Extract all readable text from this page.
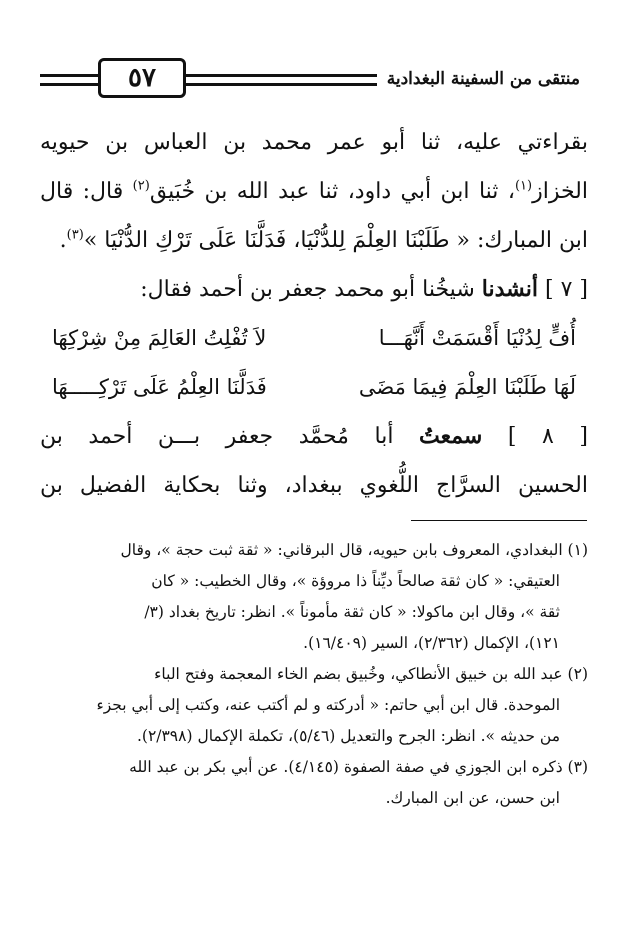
٥٧	منتقى من السفينة البغدادية
بقراءتي عليه، ثنا أبو عمر محمد بن العباس بن حيويه
الخزاز$^{(١)}$، ثنا ابن أبي داود، ثنا عبد الله بن خُبَيق$^{(٢)}$ قال: قال
ابن المبارك: « طَلَبْنَا العِلْمَ لِلدُّنْيَا، فَدَلَّنَا عَلَى تَرْكِ الدُّنْيَا »$^{(٣)}$.
[ ٧ ] أنشدنا شيخُنا أبو محمد جعفر بن أحمد فقال:
أُفٍّ لِدُنْيَا أَقْسَمَتْ أَنَّهَـــا
لاَ تُفْلِتُ العَالِمَ مِنْ شِرْكِهَا
لَهَا طَلَبْنَا العِلْمَ فِيمَا مَضَى
فَدَلَّنَا العِلْمُ عَلَى تَرْكِـــــهَا
[ ٨ ] سمعتُ أبا مُحمَّد جعفر بـــن أحمد بن
الحسين السرَّاج اللُّغوي ببغداد، وثنا بحكاية الفضيل بن
(١) البغدادي، المعروف بابن حيويه، قال البرقاني: « ثقة ثبت حجة »، وقال
العتيقي: « كان ثقة صالحاً ديِّناً ذا مروؤة »، وقال الخطيب: « كان
ثقة »، وقال ابن ماكولا: « كان ثقة مأموناً ». انظر: تاريخ بغداد (٣/
١٢١)، الإكمال (٢/٣٦٢)، السير (١٦/٤٠٩).
(٢) عبد الله بن خبيق الأنطاكي، وخُبيق بضم الخاء المعجمة وفتح الباء
الموحدة. قال ابن أبي حاتم: « أدركته و لم أكتب عنه، وكتب إلى أبي بجزء
من حديثه ». انظر: الجرح والتعديل (٥/٤٦)، تكملة الإكمال (٢/٣٩٨).
(٣) ذكره ابن الجوزي في صفة الصفوة (٤/١٤٥). عن أبي بكر بن عبد الله
ابن حسن، عن ابن المبارك.
